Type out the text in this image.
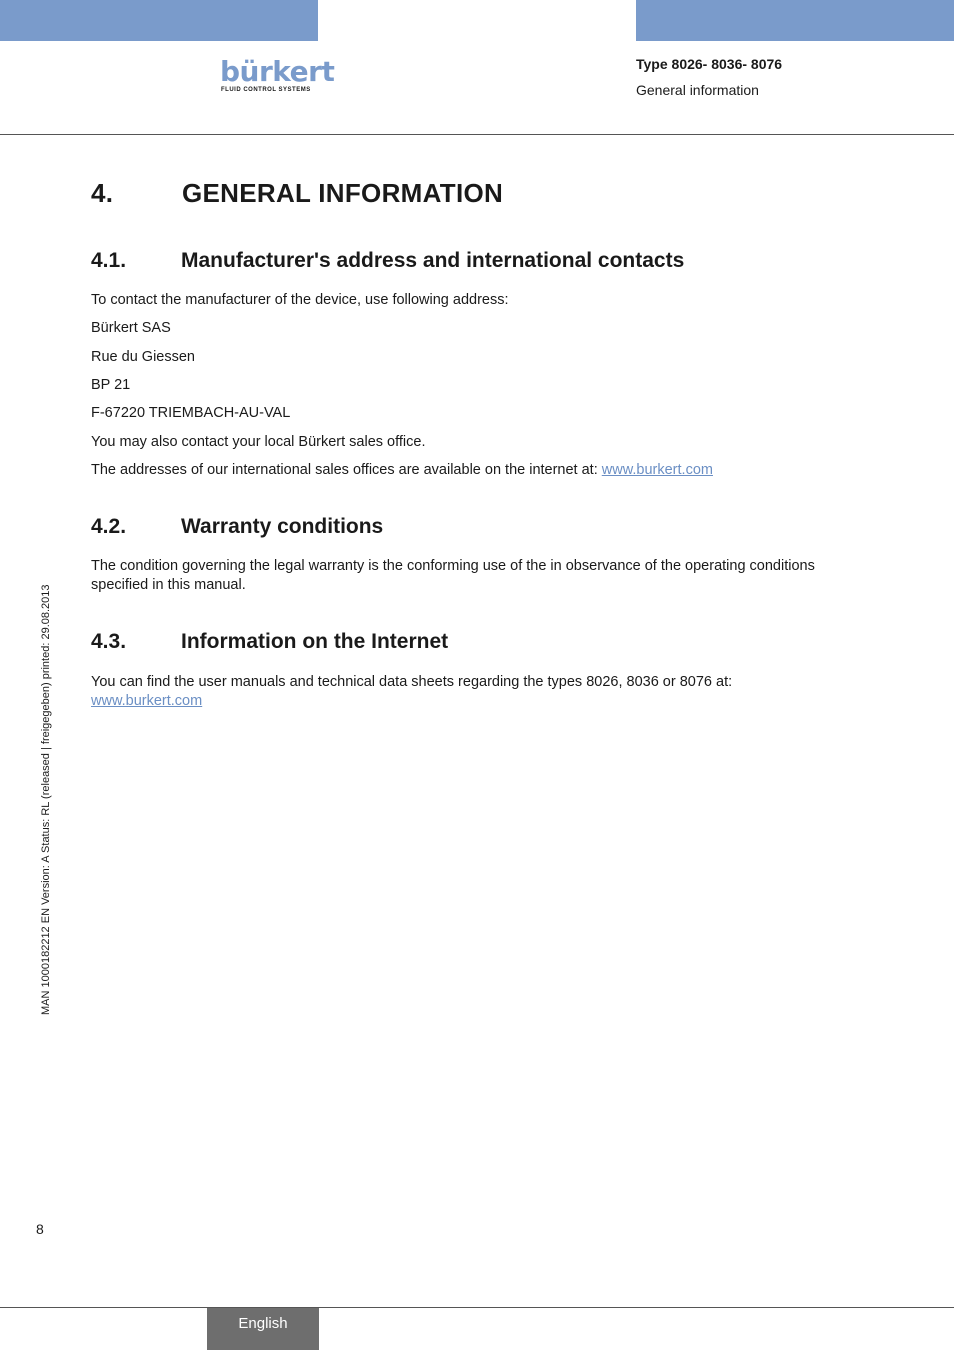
bürkert
FLUID CONTROL SYSTEMS
Type 8026- 8036- 8076
General information
4.	GENERAL INFORMATION
4.1.	Manufacturer's address and international contacts
To contact the manufacturer of the device, use following address:
Bürkert SAS
Rue du Giessen
BP 21
F-67220 TRIEMBACH-AU-VAL
You may also contact your local Bürkert sales office.
The addresses of our international sales offices are available on the internet at: www.burkert.com
4.2.	Warranty conditions
The condition governing the legal warranty is the conforming use of the in observance of the operating conditions
specified in this manual.
4.3.	Information on the Internet
You can find the user manuals and technical data sheets regarding the types 8026, 8036 or 8076 at:
www.burkert.com
MAN 1000182212 EN Version: A Status: RL (released | freigegeben) printed: 29.08.2013
8
English
